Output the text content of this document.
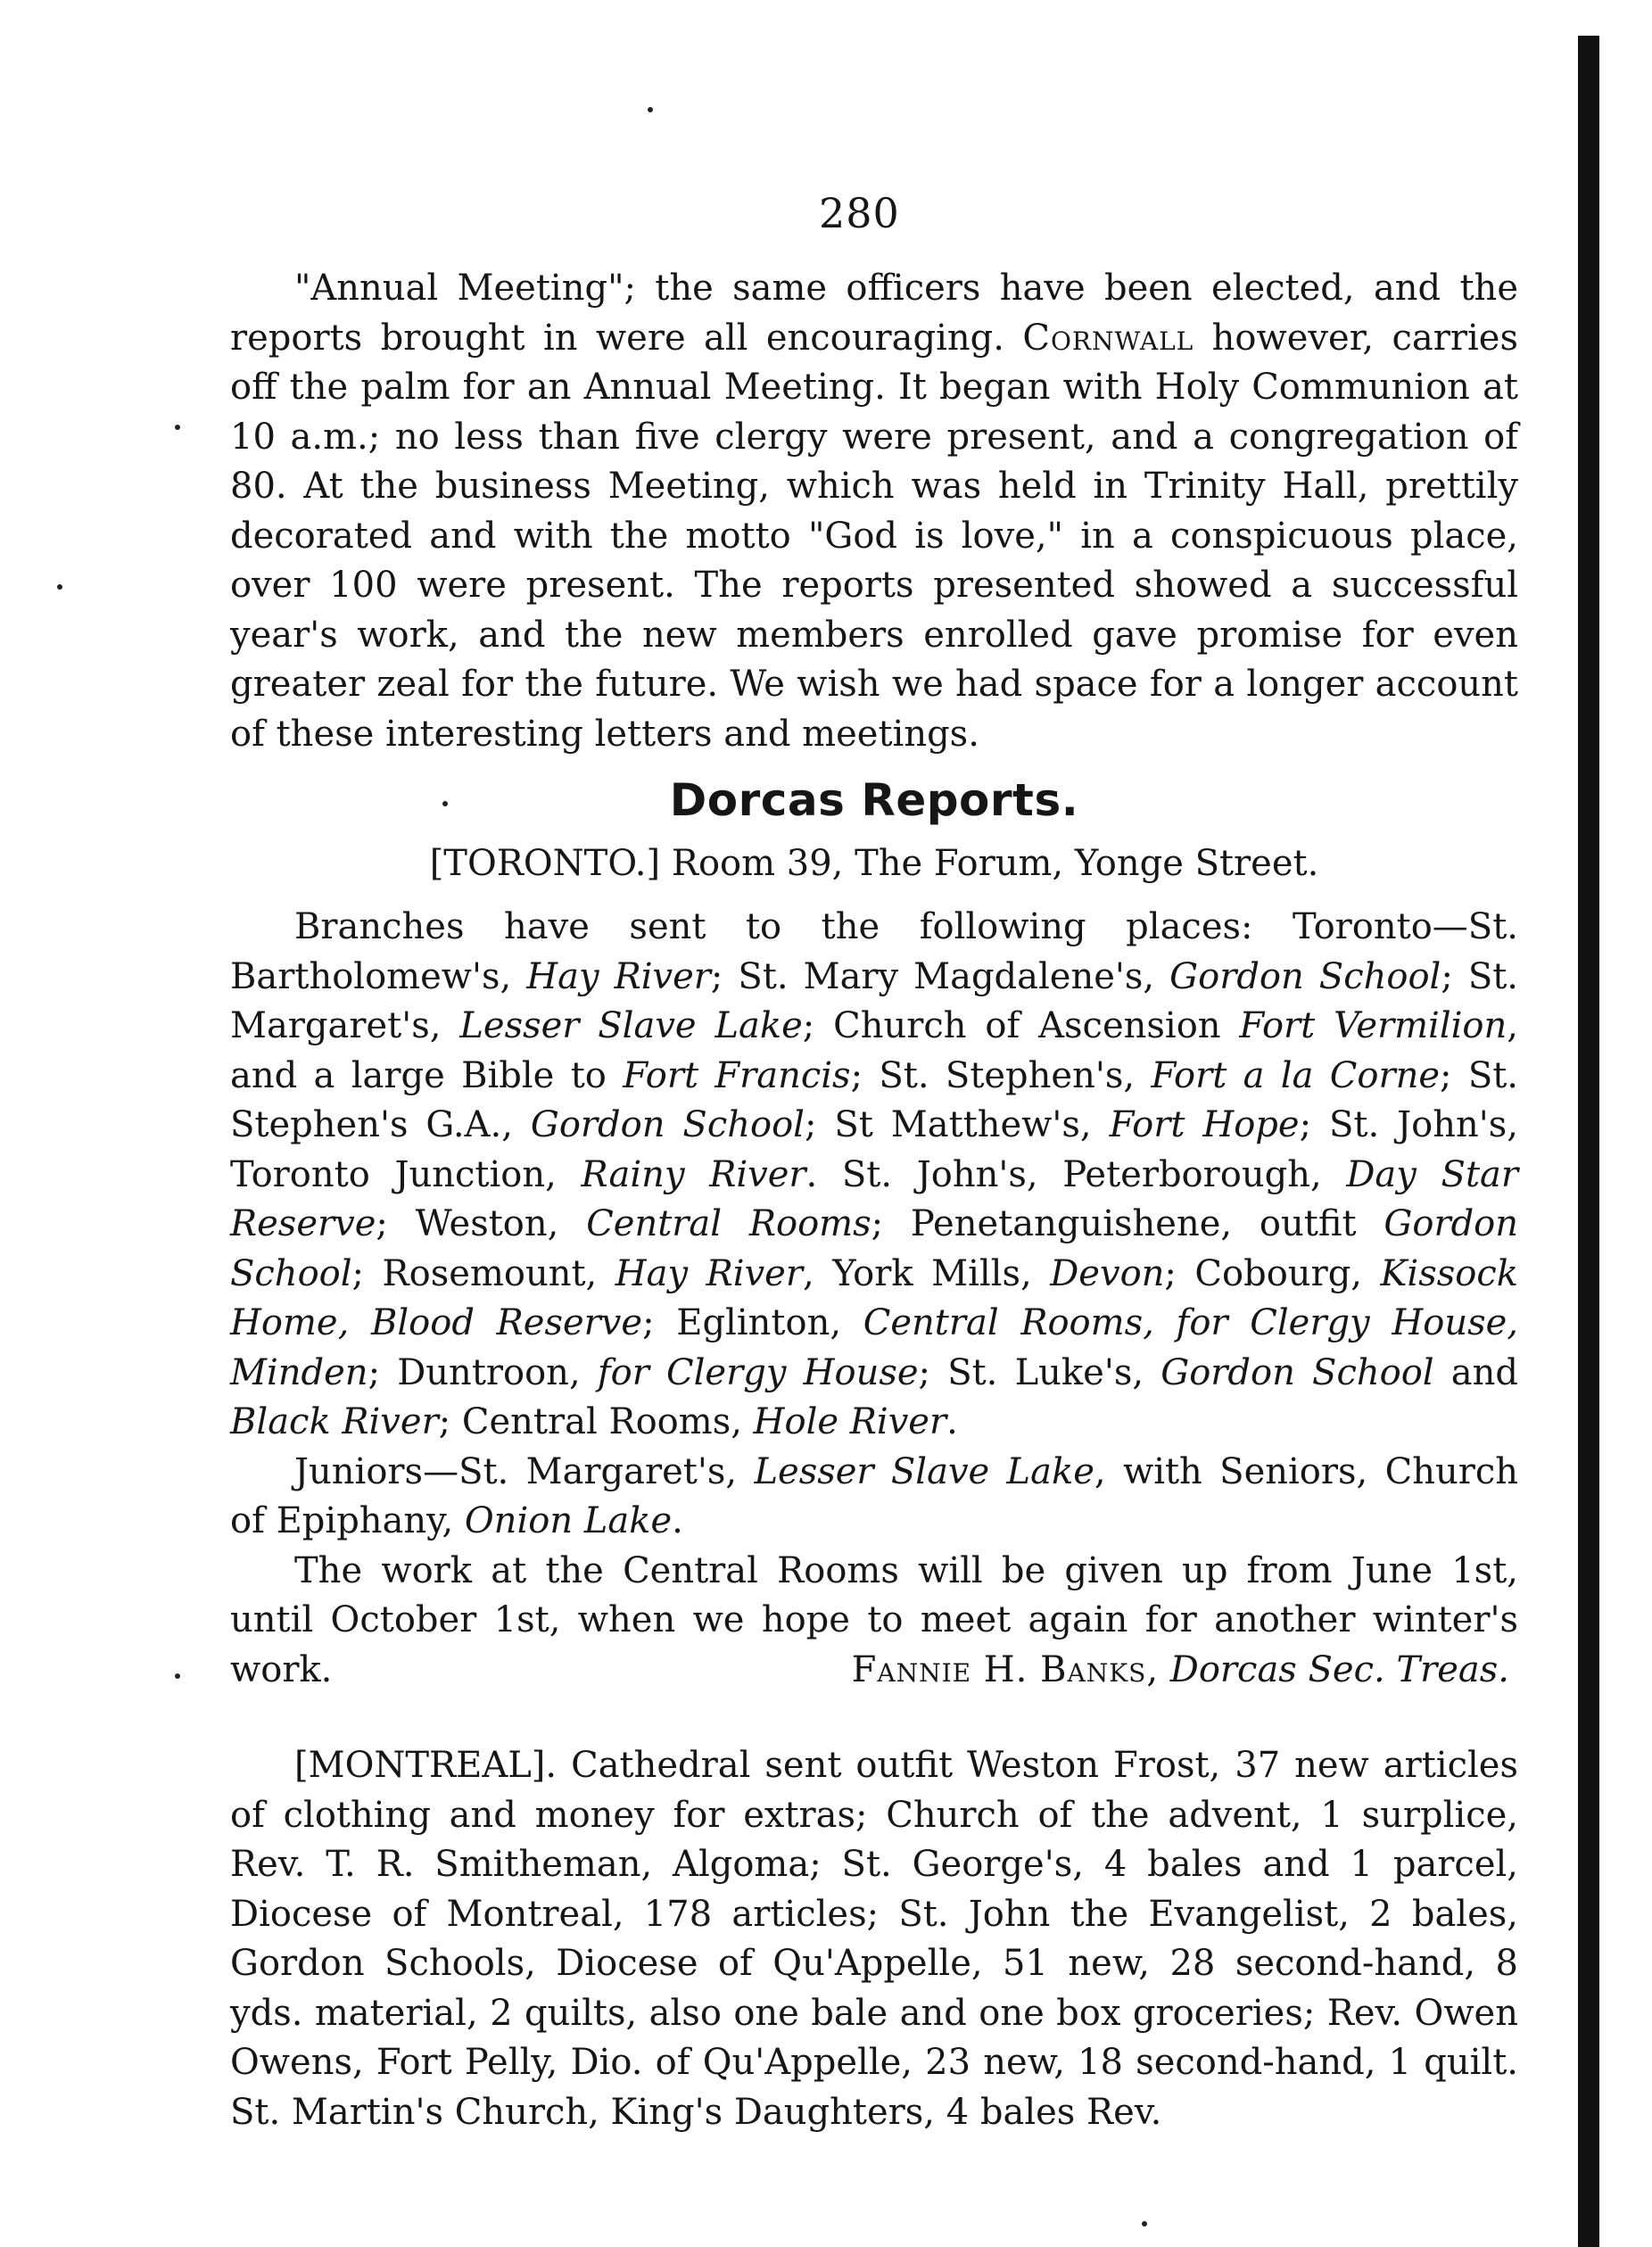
280

"Annual Meeting"; the same officers have been elected, and the reports brought in were all encouraging. Cornwall however, carries off the palm for an Annual Meeting. It began with Holy Communion at 10 a.m.; no less than five clergy were present, and a congregation of 80. At the business Meeting, which was held in Trinity Hall, prettily decorated and with the motto "God is love," in a conspicuous place, over 100 were present. The reports presented showed a successful year's work, and the new members enrolled gave promise for even greater zeal for the future. We wish we had space for a longer account of these interesting letters and meetings.

Dorcas Reports.
[TORONTO.] Room 39, The Forum, Yonge Street.

Branches have sent to the following places: Toronto—St. Bartholomew's, Hay River; St. Mary Magdalene's, Gordon School; St. Margaret's, Lesser Slave Lake; Church of Ascension Fort Vermilion, and a large Bible to Fort Francis; St. Stephen's, Fort a la Corne; St. Stephen's G.A., Gordon School; St Matthew's, Fort Hope; St. John's, Toronto Junction, Rainy River. St. John's, Peterborough, Day Star Reserve; Weston, Central Rooms; Penetanguishene, outfit Gordon School; Rosemount, Hay River, York Mills, Devon; Cobourg, Kissock Home, Blood Reserve; Eglinton, Central Rooms, for Clergy House, Minden; Duntroon, for Clergy House; St. Luke's, Gordon School and Black River; Central Rooms, Hole River.

Juniors—St. Margaret's, Lesser Slave Lake, with Seniors, Church of Epiphany, Onion Lake.

The work at the Central Rooms will be given up from June 1st, until October 1st, when we hope to meet again for another winter's work.	Fannie H. Banks, Dorcas Sec. Treas.

[MONTREAL]. Cathedral sent outfit Weston Frost, 37 new articles of clothing and money for extras; Church of the advent, 1 surplice, Rev. T. R. Smitheman, Algoma; St. George's, 4 bales and 1 parcel, Diocese of Montreal, 178 articles; St. John the Evangelist, 2 bales, Gordon Schools, Diocese of Qu'Appelle, 51 new, 28 second-hand, 8 yds. material, 2 quilts, also one bale and one box groceries; Rev. Owen Owens, Fort Pelly, Dio. of Qu'Appelle, 23 new, 18 second-hand, 1 quilt. St. Martin's Church, King's Daughters, 4 bales Rev.
